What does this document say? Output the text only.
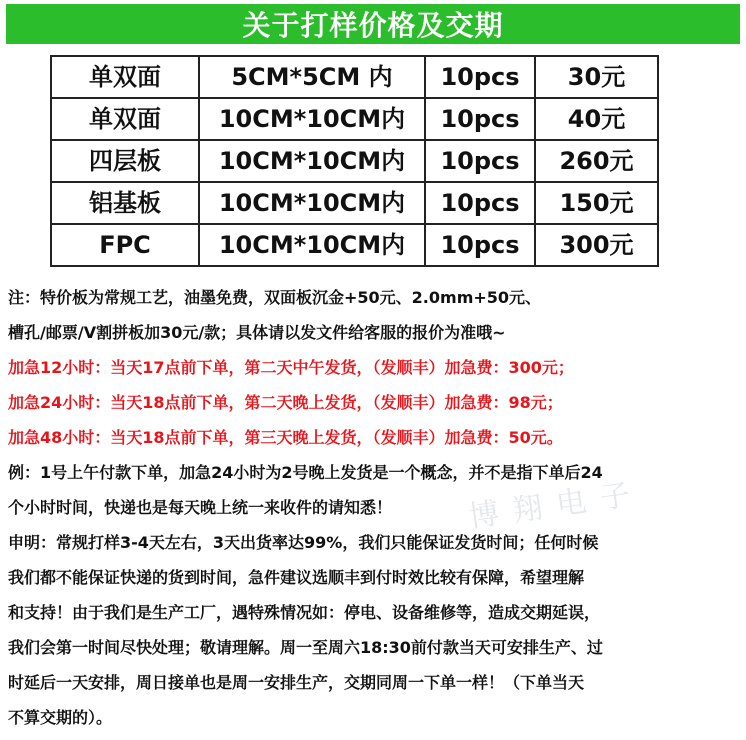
关于打样价格及交期
单双面	5CM*5CM 内	10pcs	30元
单双面	10CM*10CM内	10pcs	40元
四层板	10CM*10CM内	10pcs	260元
铝基板	10CM*10CM内	10pcs	150元
FPC	10CM*10CM内	10pcs	300元
博翔电子

注：特价板为常规工艺，油墨免费，双面板沉金+50元、2.0mm+50元、

槽孔/邮票/V割拼板加30元/款；具体请以发文件给客服的报价为准哦~

加急12小时：当天17点前下单，第二天中午发货，（发顺丰）加急费：300元；

加急24小时：当天18点前下单，第二天晚上发货，（发顺丰）加急费：98元；

加急48小时：当天18点前下单，第三天晚上发货，（发顺丰）加急费：50元。

例：1号上午付款下单，加急24小时为2号晚上发货是一个概念，并不是指下单后24

个小时时间，快递也是每天晚上统一来收件的请知悉！

申明：常规打样3-4天左右，3天出货率达99%，我们只能保证发货时间；任何时候

我们都不能保证快递的货到时间，急件建议选顺丰到付时效比较有保障，希望理解

和支持！由于我们是生产工厂，遇特殊情况如：停电、设备维修等，造成交期延误，

我们会第一时间尽快处理；敬请理解。周一至周六18:30前付款当天可安排生产、过

时延后一天安排，周日接单也是周一安排生产，交期同周一下单一样！（下单当天

不算交期的）。
